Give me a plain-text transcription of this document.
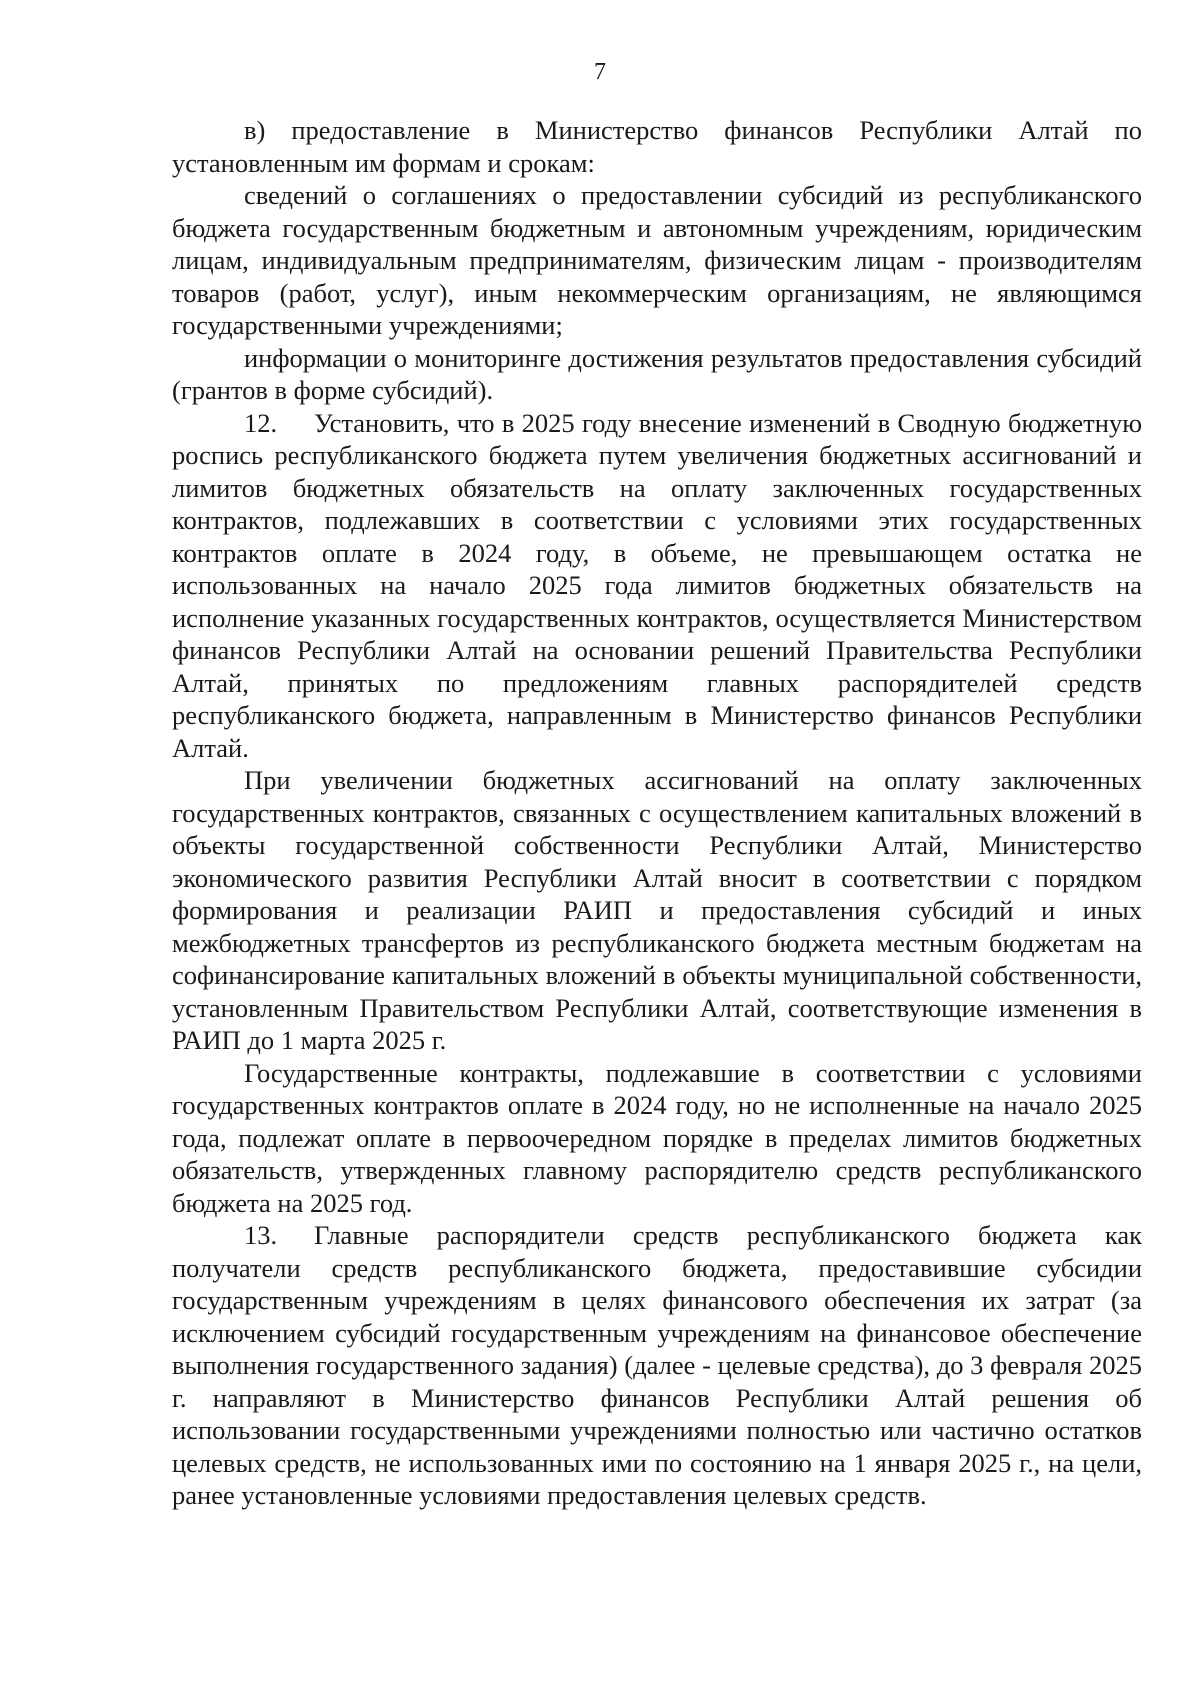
7

в) предоставление в Министерство финансов Республики Алтай по установленным им формам и срокам:

сведений о соглашениях о предоставлении субсидий из республиканского бюджета государственным бюджетным и автономным учреждениям, юридическим лицам, индивидуальным предпринимателям, физическим лицам - производителям товаров (работ, услуг), иным некоммерческим организациям, не являющимся государственными учреждениями;

информации о мониторинге достижения результатов предоставления субсидий (грантов в форме субсидий).

12. Установить, что в 2025 году внесение изменений в Сводную бюджетную роспись республиканского бюджета путем увеличения бюджетных ассигнований и лимитов бюджетных обязательств на оплату заключенных государственных контрактов, подлежавших в соответствии с условиями этих государственных контрактов оплате в 2024 году, в объеме, не превышающем остатка не использованных на начало 2025 года лимитов бюджетных обязательств на исполнение указанных государственных контрактов, осуществляется Министерством финансов Республики Алтай на основании решений Правительства Республики Алтай, принятых по предложениям главных распорядителей средств республиканского бюджета, направленным в Министерство финансов Республики Алтай.

При увеличении бюджетных ассигнований на оплату заключенных государственных контрактов, связанных с осуществлением капитальных вложений в объекты государственной собственности Республики Алтай, Министерство экономического развития Республики Алтай вносит в соответствии с порядком формирования и реализации РАИП и предоставления субсидий и иных межбюджетных трансфертов из республиканского бюджета местным бюджетам на софинансирование капитальных вложений в объекты муниципальной собственности, установленным Правительством Республики Алтай, соответствующие изменения в РАИП до 1 марта 2025 г.

Государственные контракты, подлежавшие в соответствии с условиями государственных контрактов оплате в 2024 году, но не исполненные на начало 2025 года, подлежат оплате в первоочередном порядке в пределах лимитов бюджетных обязательств, утвержденных главному распорядителю средств республиканского бюджета на 2025 год.

13. Главные распорядители средств республиканского бюджета как получатели средств республиканского бюджета, предоставившие субсидии государственным учреждениям в целях финансового обеспечения их затрат (за исключением субсидий государственным учреждениям на финансовое обеспечение выполнения государственного задания) (далее - целевые средства), до 3 февраля 2025 г. направляют в Министерство финансов Республики Алтай решения об использовании государственными учреждениями полностью или частично остатков целевых средств, не использованных ими по состоянию на 1 января 2025 г., на цели, ранее установленные условиями предоставления целевых средств.
